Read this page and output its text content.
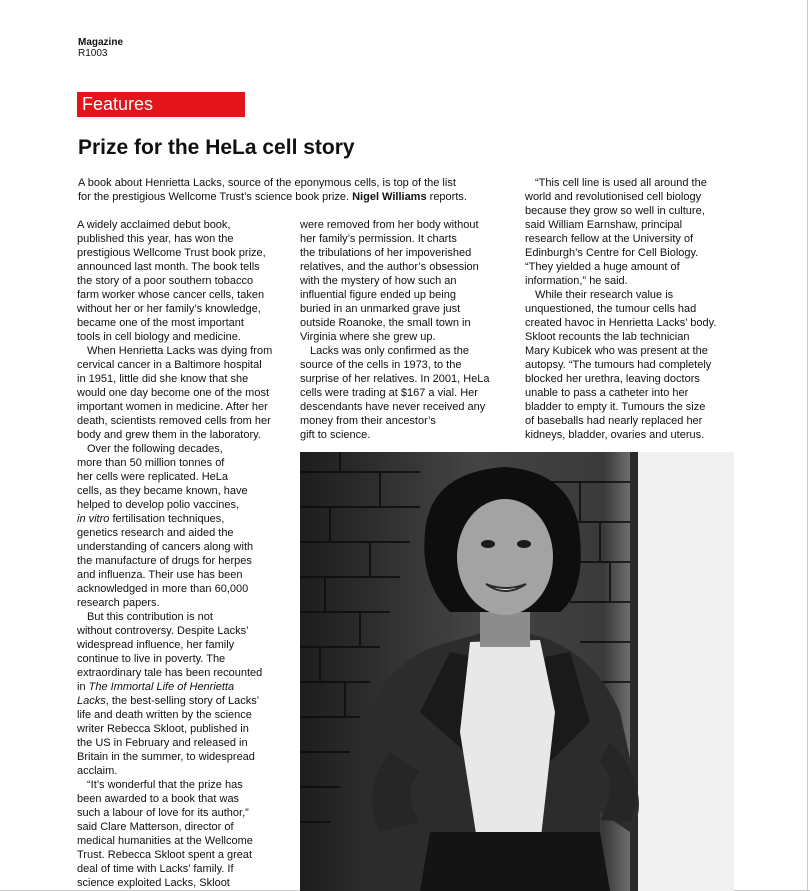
Magazine
R1003
Features
Prize for the HeLa cell story
A book about Henrietta Lacks, source of the eponymous cells, is top of the list
for the prestigious Wellcome Trust’s science book prize. Nigel Williams reports.
A widely acclaimed debut book,
published this year, has won the
prestigious Wellcome Trust book prize,
announced last month. The book tells
the story of a poor southern tobacco
farm worker whose cancer cells, taken
without her or her family’s knowledge,
became one of the most important
tools in cell biology and medicine.
When Henrietta Lacks was dying from
cervical cancer in a Baltimore hospital
in 1951, little did she know that she
would one day become one of the most
important women in medicine. After her
death, scientists removed cells from her
body and grew them in the laboratory.
Over the following decades,
more than 50 million tonnes of
her cells were replicated. HeLa
cells, as they became known, have
helped to develop polio vaccines,
in vitro fertilisation techniques,
genetics research and aided the
understanding of cancers along with
the manufacture of drugs for herpes
and influenza. Their use has been
acknowledged in more than 60,000
research papers.
But this contribution is not
without controversy. Despite Lacks’
widespread influence, her family
continue to live in poverty. The
extraordinary tale has been recounted
in The Immortal Life of Henrietta
Lacks, the best-selling story of Lacks’
life and death written by the science
writer Rebecca Skloot, published in
the US in February and released in
Britain in the summer, to widespread
acclaim.
“It’s wonderful that the prize has
been awarded to a book that was
such a labour of love for its author,”
said Clare Matterson, director of
medical humanities at the Wellcome
Trust. Rebecca Skloot spent a great
deal of time with Lacks’ family. If
science exploited Lacks, Skloot
were removed from her body without
her family’s permission. It charts
the tribulations of her impoverished
relatives, and the author’s obsession
with the mystery of how such an
influential figure ended up being
buried in an unmarked grave just
outside Roanoke, the small town in
Virginia where she grew up.
Lacks was only confirmed as the
source of the cells in 1973, to the
surprise of her relatives. In 2001, HeLa
cells were trading at $167 a vial. Her
descendants have never received any
money from their ancestor’s
gift to science.
“This cell line is used all around the
world and revolutionised cell biology
because they grow so well in culture,
said William Earnshaw, principal
research fellow at the University of
Edinburgh’s Centre for Cell Biology.
“They yielded a huge amount of
information,” he said.
While their research value is
unquestioned, the tumour cells had
created havoc in Henrietta Lacks’ body.
Skloot recounts the lab technician
Mary Kubicek who was present at the
autopsy. “The tumours had completely
blocked her urethra, leaving doctors
unable to pass a catheter into her
bladder to empty it. Tumours the size
of baseballs had nearly replaced her
kidneys, bladder, ovaries and uterus.
